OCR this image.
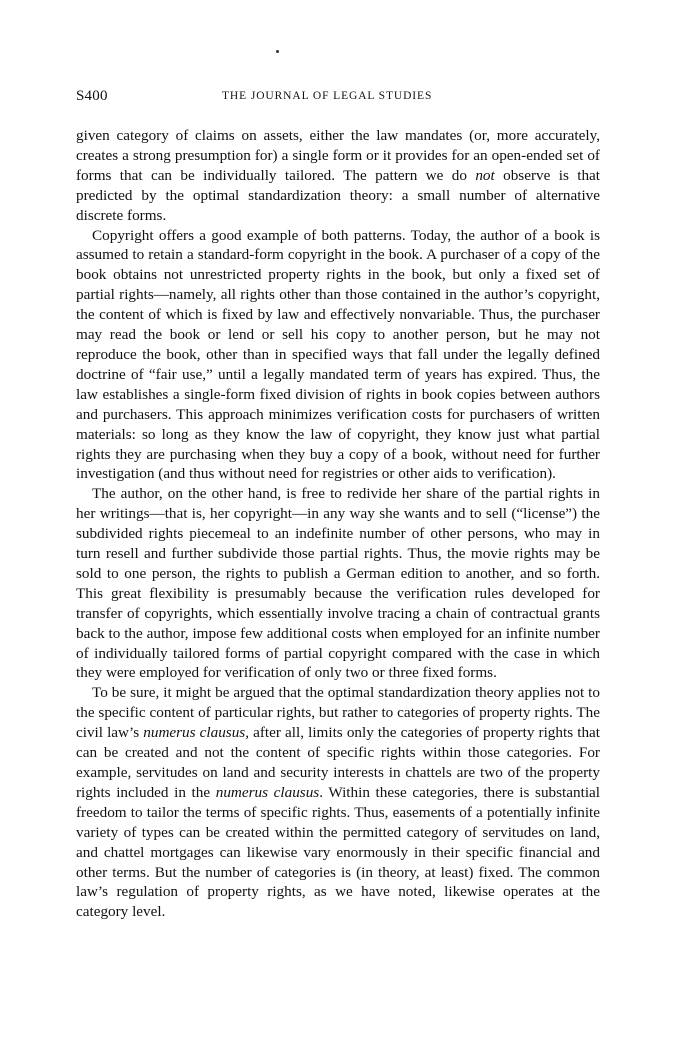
S400	THE JOURNAL OF LEGAL STUDIES

given category of claims on assets, either the law mandates (or, more accurately, creates a strong presumption for) a single form or it provides for an open-ended set of forms that can be individually tailored. The pattern we do not observe is that predicted by the optimal standardization theory: a small number of alternative discrete forms.

Copyright offers a good example of both patterns. Today, the author of a book is assumed to retain a standard-form copyright in the book. A purchaser of a copy of the book obtains not unrestricted property rights in the book, but only a fixed set of partial rights—namely, all rights other than those contained in the author’s copyright, the content of which is fixed by law and effectively nonvariable. Thus, the purchaser may read the book or lend or sell his copy to another person, but he may not reproduce the book, other than in specified ways that fall under the legally defined doctrine of “fair use,” until a legally mandated term of years has expired. Thus, the law establishes a single-form fixed division of rights in book copies between authors and purchasers. This approach minimizes verification costs for purchasers of written materials: so long as they know the law of copyright, they know just what partial rights they are purchasing when they buy a copy of a book, without need for further investigation (and thus without need for registries or other aids to verification).

The author, on the other hand, is free to redivide her share of the partial rights in her writings—that is, her copyright—in any way she wants and to sell (“license”) the subdivided rights piecemeal to an indefinite number of other persons, who may in turn resell and further subdivide those partial rights. Thus, the movie rights may be sold to one person, the rights to publish a German edition to another, and so forth. This great flexibility is presumably because the verification rules developed for transfer of copyrights, which essentially involve tracing a chain of contractual grants back to the author, impose few additional costs when employed for an infinite number of individually tailored forms of partial copyright compared with the case in which they were employed for verification of only two or three fixed forms.

To be sure, it might be argued that the optimal standardization theory applies not to the specific content of particular rights, but rather to categories of property rights. The civil law’s numerus clausus, after all, limits only the categories of property rights that can be created and not the content of specific rights within those categories. For example, servitudes on land and security interests in chattels are two of the property rights included in the numerus clausus. Within these categories, there is substantial freedom to tailor the terms of specific rights. Thus, easements of a potentially infinite variety of types can be created within the permitted category of servitudes on land, and chattel mortgages can likewise vary enormously in their specific financial and other terms. But the number of categories is (in theory, at least) fixed. The common law’s regulation of property rights, as we have noted, likewise operates at the category level.
